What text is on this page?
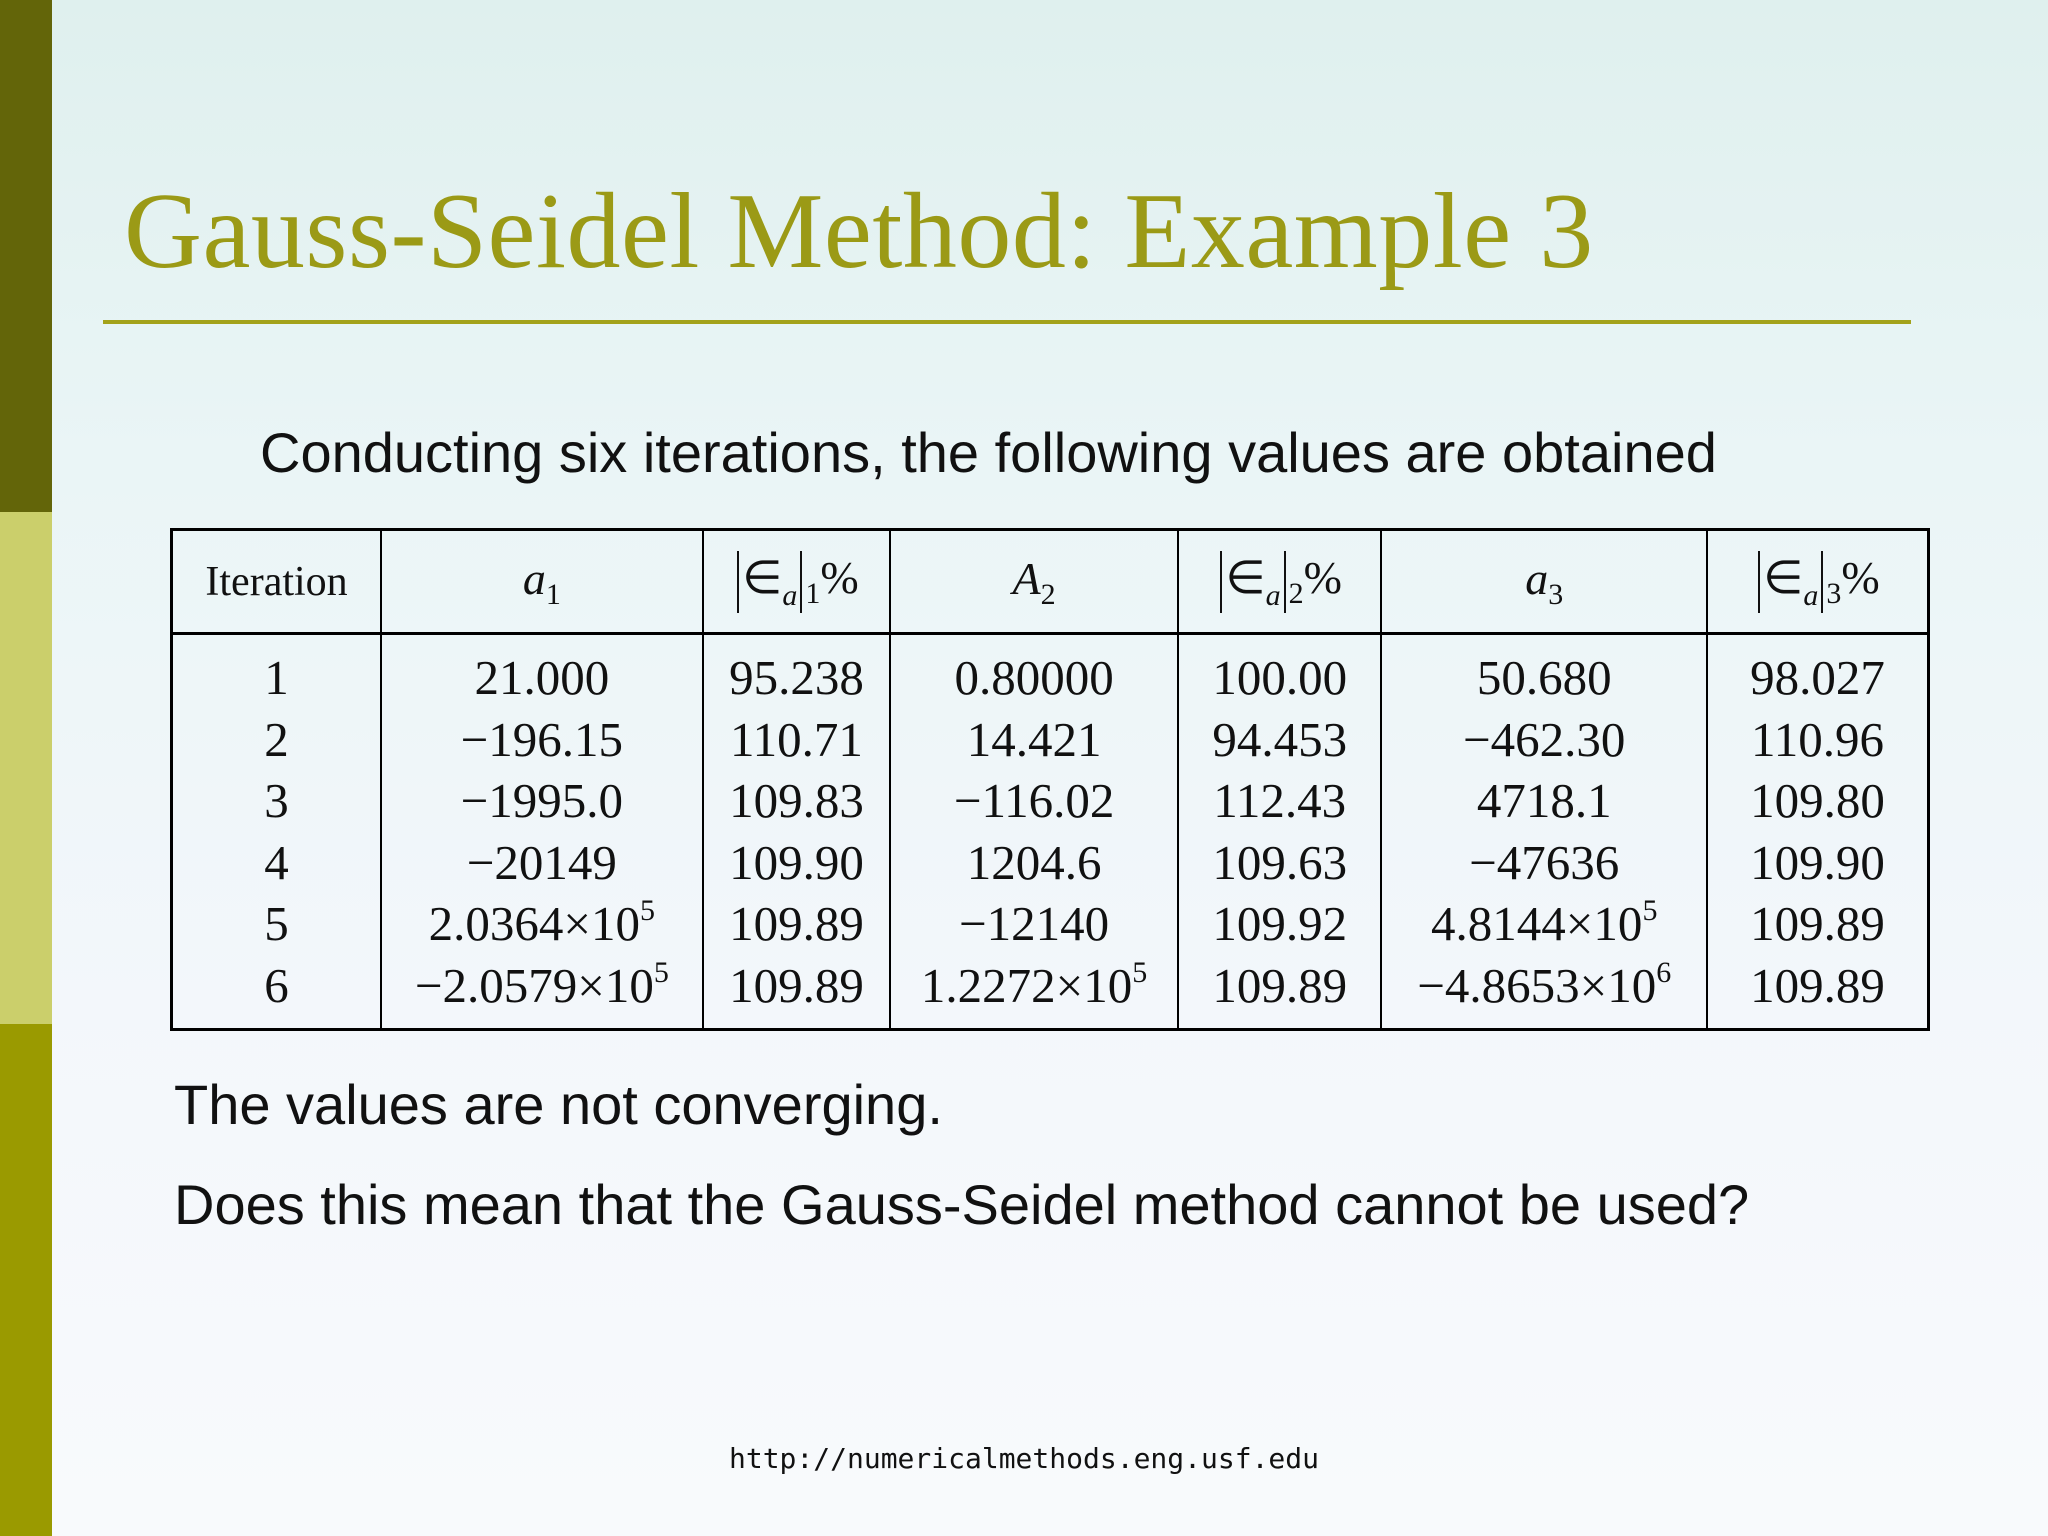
Gauss-Seidel Method: Example 3
Conducting six iterations, the following values are obtained
Iteration	$a_1$	$\in_a$ $_1$%	$A_2$	$\in_a$ $_2$%	$a_3$	$\in_a$ $_3$%
1	21.000	95.238	0.80000	100.00	50.680	98.027
2	−196.15	110.71	14.421	94.453	−462.30	110.96
3	−1995.0	109.83	−116.02	112.43	4718.1	109.80
4	−20149	109.90	1204.6	109.63	−47636	109.90
5	$2.0364\times 10^5$	109.89	−12140	109.92	$4.8144\times 10^5$	109.89
6	$-2.0579\times 10^5$	109.89	$1.2272\times 10^5$	109.89	$-4.8653\times 10^6$	109.89
The values are not converging.
Does this mean that the Gauss-Seidel method cannot be used?
http://numericalmethods.eng.usf.edu
